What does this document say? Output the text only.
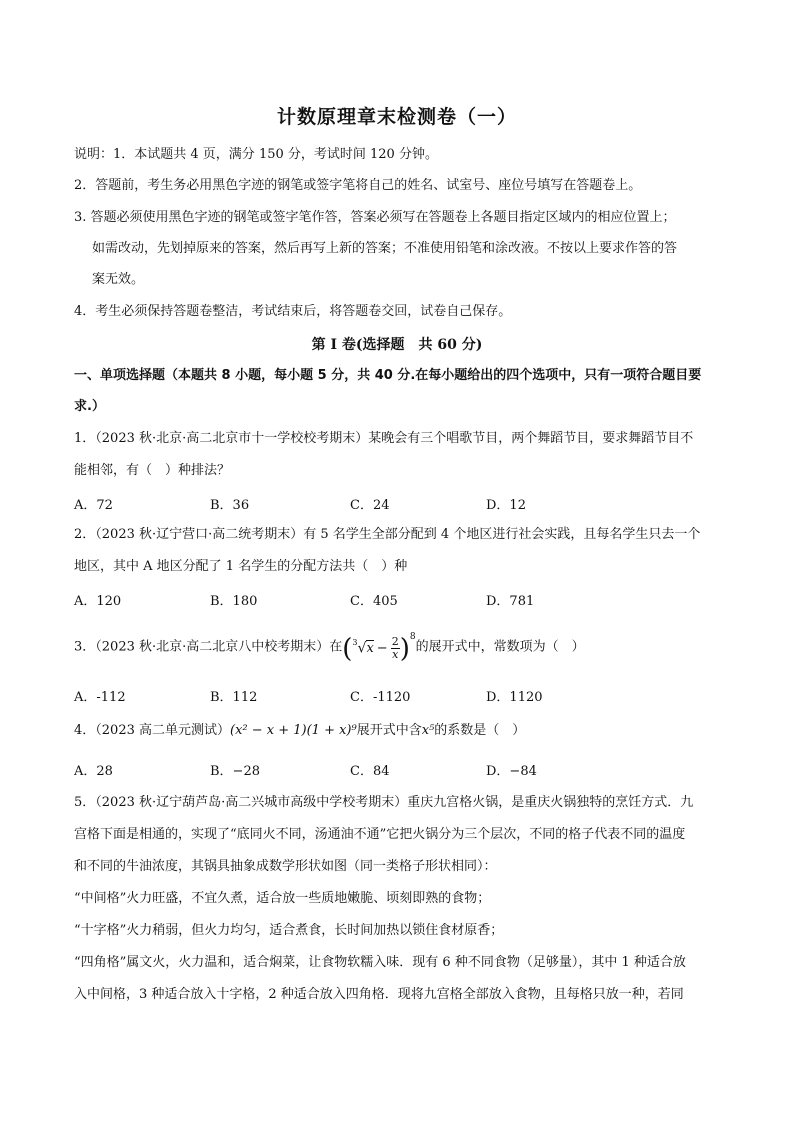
计数原理章末检测卷（一）
说明：1．本试题共 4 页，满分 150 分，考试时间 120 分钟。
2．答题前，考生务必用黑色字迹的钢笔或签字笔将自己的姓名、试室号、座位号填写在答题卷上。
3. 答题必须使用黑色字迹的钢笔或签字笔作答，答案必须写在答题卷上各题目指定区域内的相应位置上；
如需改动，先划掉原来的答案，然后再写上新的答案；不准使用铅笔和涂改液。不按以上要求作答的答
案无效。
4．考生必须保持答题卷整洁，考试结束后，将答题卷交回，试卷自己保存。
第 I 卷(选择题　共 60 分)
一、单项选择题（本题共 8 小题，每小题 5 分，共 40 分.在每小题给出的四个选项中，只有一项符合题目要
求.）
1．（2023 秋·北京·高二北京市十一学校校考期末）某晚会有三个唱歌节目，两个舞蹈节目，要求舞蹈节目不
能相邻，有（　）种排法？
A．72	B．36	C．24	D．12
2．（2023 秋·辽宁营口·高二统考期末）有 5 名学生全部分配到 4 个地区进行社会实践，且每名学生只去一个
地区，其中 A 地区分配了 1 名学生的分配方法共（　）种
A．120	B．180	C．405	D．781
3．（2023 秋·北京·高二北京八中校考期末）在$(^3√x - \frac{2}{x} )^8$的展开式中，常数项为（　）
A．-112	B．112	C．-1120	D．1120
4．（2023 高二单元测试）(x² − x + 1)(1 + x)⁹展开式中含x⁵的系数是（　）
A．28	B．−28	C．84	D．−84
5．（2023 秋·辽宁葫芦岛·高二兴城市高级中学校考期末）重庆九宫格火锅，是重庆火锅独特的烹饪方式．九
宫格下面是相通的，实现了“底同火不同，汤通油不通”它把火锅分为三个层次，不同的格子代表不同的温度
和不同的牛油浓度，其锅具抽象成数学形状如图（同一类格子形状相同）：
“中间格”火力旺盛，不宜久煮，适合放一些质地嫩脆、顷刻即熟的食物；
“十字格”火力稍弱，但火力均匀，适合煮食，长时间加热以锁住食材原香；
“四角格”属文火，火力温和，适合焖菜，让食物软糯入味．现有 6 种不同食物（足够量），其中 1 种适合放
入中间格，3 种适合放入十字格，2 种适合放入四角格．现将九宫格全部放入食物，且每格只放一种，若同
